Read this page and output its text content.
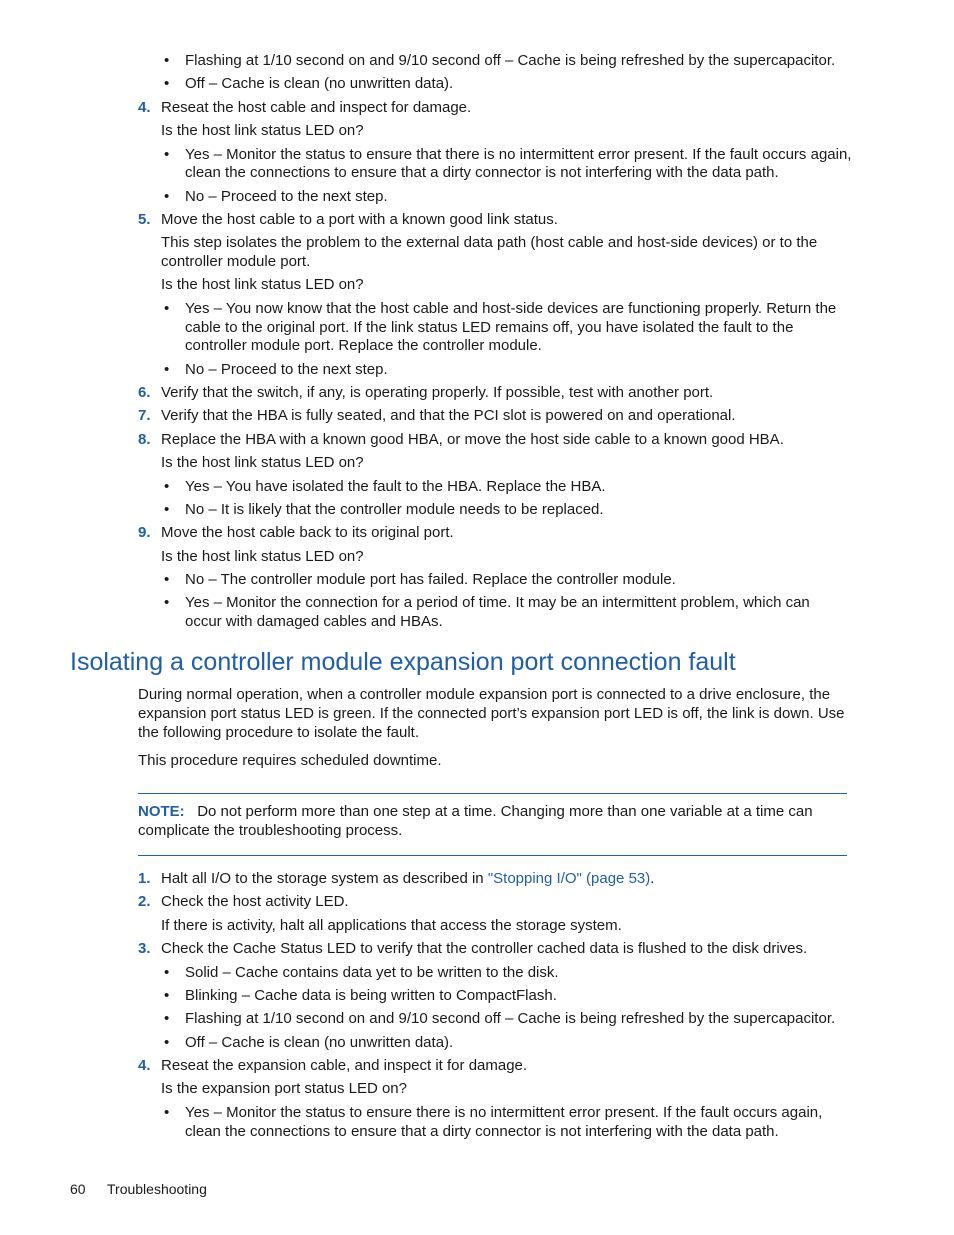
• Flashing at 1/10 second on and 9/10 second off – Cache is being refreshed by the supercapacitor.
• Off – Cache is clean (no unwritten data).
4. Reseat the host cable and inspect for damage.
Is the host link status LED on?
• Yes – Monitor the status to ensure that there is no intermittent error present. If the fault occurs again,
clean the connections to ensure that a dirty connector is not interfering with the data path.
• No – Proceed to the next step.
5. Move the host cable to a port with a known good link status.
This step isolates the problem to the external data path (host cable and host-side devices) or to the
controller module port.
Is the host link status LED on?
• Yes – You now know that the host cable and host-side devices are functioning properly. Return the
cable to the original port. If the link status LED remains off, you have isolated the fault to the
controller module port. Replace the controller module.
• No – Proceed to the next step.
6. Verify that the switch, if any, is operating properly. If possible, test with another port.
7. Verify that the HBA is fully seated, and that the PCI slot is powered on and operational.
8. Replace the HBA with a known good HBA, or move the host side cable to a known good HBA.
Is the host link status LED on?
• Yes – You have isolated the fault to the HBA. Replace the HBA.
• No – It is likely that the controller module needs to be replaced.
9. Move the host cable back to its original port.
Is the host link status LED on?
• No – The controller module port has failed. Replace the controller module.
• Yes – Monitor the connection for a period of time. It may be an intermittent problem, which can
occur with damaged cables and HBAs.
Isolating a controller module expansion port connection fault
During normal operation, when a controller module expansion port is connected to a drive enclosure, the
expansion port status LED is green. If the connected port’s expansion port LED is off, the link is down. Use
the following procedure to isolate the fault.
This procedure requires scheduled downtime.
NOTE: Do not perform more than one step at a time. Changing more than one variable at a time can
complicate the troubleshooting process.
1. Halt all I/O to the storage system as described in "Stopping I/O" (page 53).
2. Check the host activity LED.
If there is activity, halt all applications that access the storage system.
3. Check the Cache Status LED to verify that the controller cached data is flushed to the disk drives.
• Solid – Cache contains data yet to be written to the disk.
• Blinking – Cache data is being written to CompactFlash.
• Flashing at 1/10 second on and 9/10 second off – Cache is being refreshed by the supercapacitor.
• Off – Cache is clean (no unwritten data).
4. Reseat the expansion cable, and inspect it for damage.
Is the expansion port status LED on?
• Yes – Monitor the status to ensure there is no intermittent error present. If the fault occurs again,
clean the connections to ensure that a dirty connector is not interfering with the data path.
60 Troubleshooting
